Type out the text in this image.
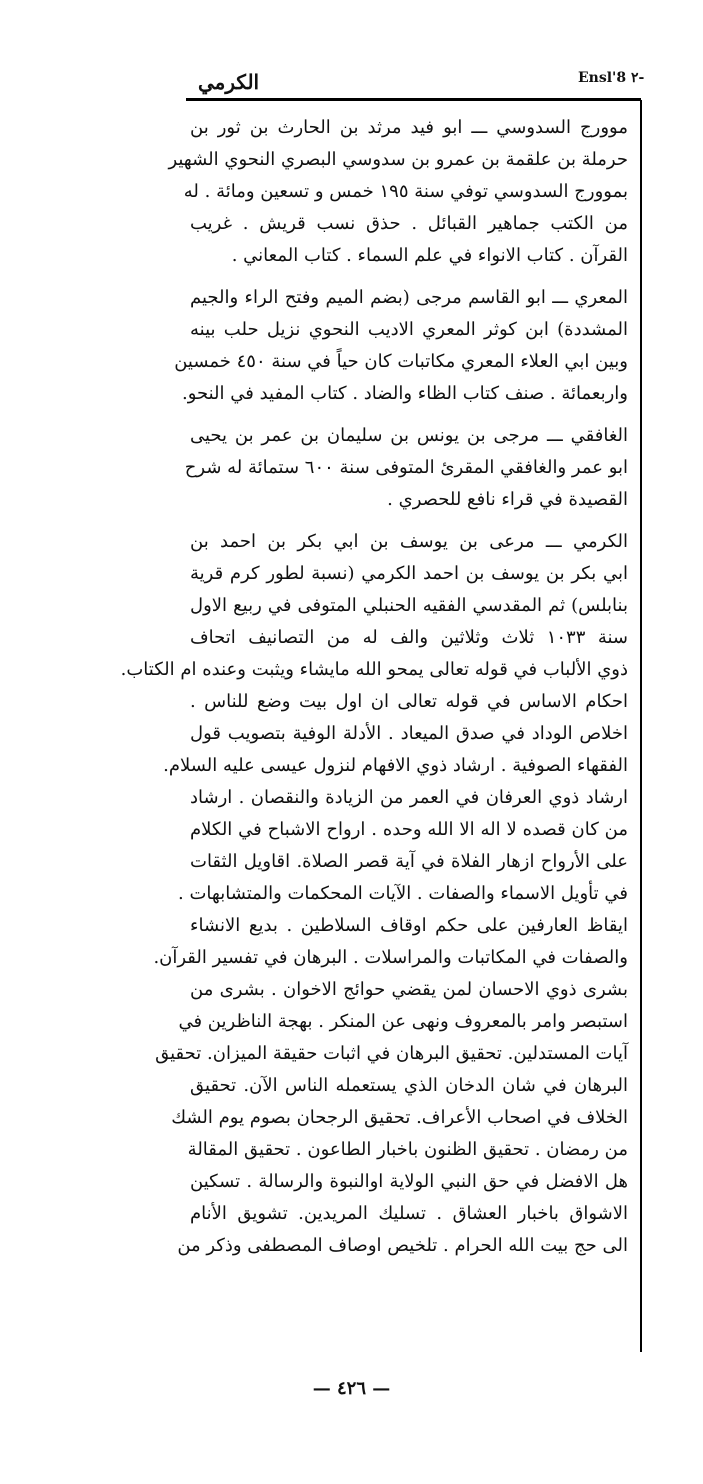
Ensl'8 ٢-
الكرمي
موورج السدوسي ـــ ابو فيد مرثد بن الحارث بن ثور بن
حرملة بن علقمة بن عمرو بن سدوسي البصري النحوي الشهير
بموورج السدوسي توفي سنة ١٩٥ خمس و تسعين ومائة . له
من الكتب جماهير القبائل . حذق نسب قريش . غريب
القرآن . كتاب الانواء في علم السماء . كتاب المعاني .
المعري ـــ ابو القاسم مرجى (بضم الميم وفتح الراء والجيم
المشددة) ابن كوثر المعري الاديب النحوي نزيل حلب بينه
وبين ابي العلاء المعري مكاتبات كان حياً في سنة ٤٥٠ خمسين
واربعمائة . صنف كتاب الظاء والضاد . كتاب المفيد في النحو.
الغافقي ـــ مرجى بن يونس بن سليمان بن عمر بن يحيى
ابو عمر والغافقي المقرئ المتوفى سنة ٦٠٠ ستمائة له شرح
القصيدة في قراء نافع للحصري .
الكرمي ـــ مرعى بن يوسف بن ابي بكر بن احمد بن
ابي بكر بن يوسف بن احمد الكرمي (نسبة لطور كرم قرية
بنابلس) ثم المقدسي الفقيه الحنبلي المتوفى في ربيع الاول
سنة ١٠٣٣ ثلاث وثلاثين والف له من التصانيف اتحاف
ذوي الألباب في قوله تعالى يمحو الله مايشاء ويثبت وعنده ام الكتاب.
احكام الاساس في قوله تعالى ان اول بيت وضع للناس .
اخلاص الوداد في صدق الميعاد . الأدلة الوفية بتصويب قول
الفقهاء الصوفية . ارشاد ذوي الافهام لنزول عيسى عليه السلام.
ارشاد ذوي العرفان في العمر من الزيادة والنقصان . ارشاد
من كان قصده لا اله الا الله وحده . ارواح الاشباح في الكلام
على الأرواح ازهار الفلاة في آية قصر الصلاة. اقاويل الثقات
في تأويل الاسماء والصفات . الآيات المحكمات والمتشابهات .
ايقاظ العارفين على حكم اوقاف السلاطين . بديع الانشاء
والصفات في المكاتبات والمراسلات . البرهان في تفسير القرآن.
بشرى ذوي الاحسان لمن يقضي حوائج الاخوان . بشرى من
استبصر وامر بالمعروف ونهى عن المنكر . بهجة الناظرين في
آيات المستدلين. تحقيق البرهان في اثبات حقيقة الميزان. تحقيق
البرهان في شان الدخان الذي يستعمله الناس الآن. تحقيق
الخلاف في اصحاب الأعراف. تحقيق الرجحان بصوم يوم الشك
من رمضان . تحقيق الظنون باخبار الطاعون . تحقيق المقالة
هل الافضل في حق النبي الولاية اوالنبوة والرسالة . تسكين
الاشواق باخبار العشاق . تسليك المريدين. تشويق الأنام
الى حج بيت الله الحرام . تلخيص اوصاف المصطفى وذكر من
— ٤٢٦ —
